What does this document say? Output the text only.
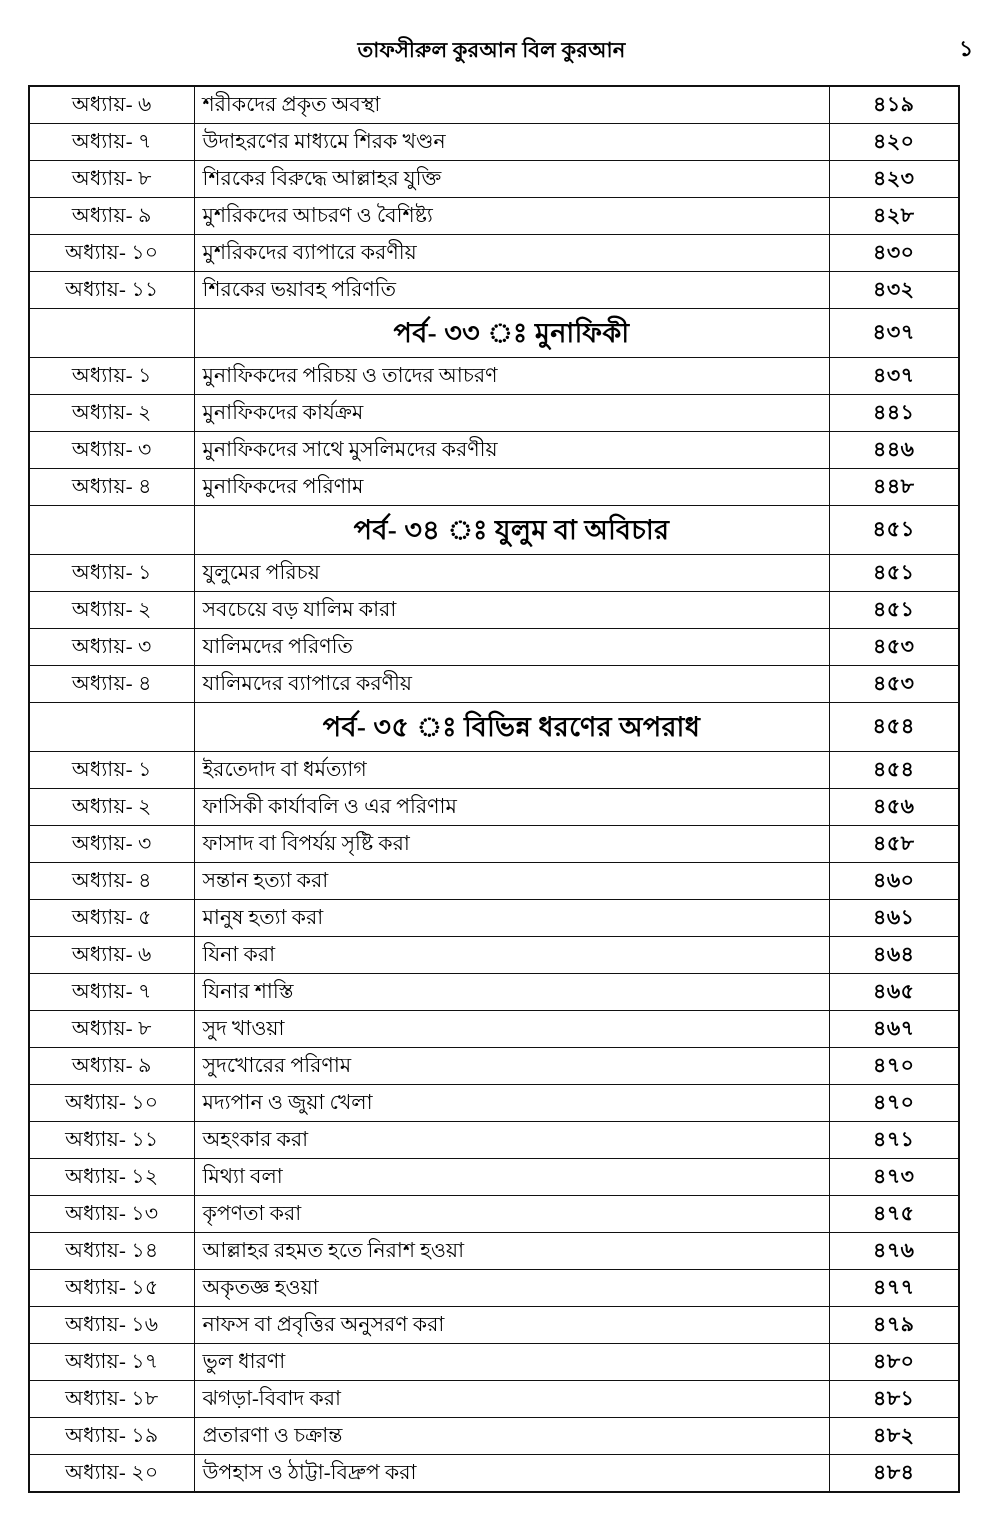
তাফসীরুল কুরআন বিল কুরআন	১
অধ্যায়- ৬	শরীকদের প্রকৃত অবস্থা	৪১৯
অধ্যায়- ৭	উদাহরণের মাধ্যমে শিরক খণ্ডন	৪২০
অধ্যায়- ৮	শিরকের বিরুদ্ধে আল্লাহর যুক্তি	৪২৩
অধ্যায়- ৯	মুশরিকদের আচরণ ও বৈশিষ্ট্য	৪২৮
অধ্যায়- ১০	মুশরিকদের ব্যাপারে করণীয়	৪৩০
অধ্যায়- ১১	শিরকের ভয়াবহ পরিণতি	৪৩২
	পর্ব- ৩৩ ঃ মুনাফিকী	৪৩৭
অধ্যায়- ১	মুনাফিকদের পরিচয় ও তাদের আচরণ	৪৩৭
অধ্যায়- ২	মুনাফিকদের কার্যক্রম	৪৪১
অধ্যায়- ৩	মুনাফিকদের সাথে মুসলিমদের করণীয়	৪৪৬
অধ্যায়- ৪	মুনাফিকদের পরিণাম	৪৪৮
	পর্ব- ৩৪ ঃ যুলুম বা অবিচার	৪৫১
অধ্যায়- ১	যুলুমের পরিচয়	৪৫১
অধ্যায়- ২	সবচেয়ে বড় যালিম কারা	৪৫১
অধ্যায়- ৩	যালিমদের পরিণতি	৪৫৩
অধ্যায়- ৪	যালিমদের ব্যাপারে করণীয়	৪৫৩
	পর্ব- ৩৫ ঃ বিভিন্ন ধরণের অপরাধ	৪৫৪
অধ্যায়- ১	ইরতেদাদ বা ধর্মত্যাগ	৪৫৪
অধ্যায়- ২	ফাসিকী কার্যাবলি ও এর পরিণাম	৪৫৬
অধ্যায়- ৩	ফাসাদ বা বিপর্যয় সৃষ্টি করা	৪৫৮
অধ্যায়- ৪	সন্তান হত্যা করা	৪৬০
অধ্যায়- ৫	মানুষ হত্যা করা	৪৬১
অধ্যায়- ৬	যিনা করা	৪৬৪
অধ্যায়- ৭	যিনার শাস্তি	৪৬৫
অধ্যায়- ৮	সুদ খাওয়া	৪৬৭
অধ্যায়- ৯	সুদখোরের পরিণাম	৪৭০
অধ্যায়- ১০	মদ্যপান ও জুয়া খেলা	৪৭০
অধ্যায়- ১১	অহংকার করা	৪৭১
অধ্যায়- ১২	মিথ্যা বলা	৪৭৩
অধ্যায়- ১৩	কৃপণতা করা	৪৭৫
অধ্যায়- ১৪	আল্লাহর রহমত হতে নিরাশ হওয়া	৪৭৬
অধ্যায়- ১৫	অকৃতজ্ঞ হওয়া	৪৭৭
অধ্যায়- ১৬	নাফস বা প্রবৃত্তির অনুসরণ করা	৪৭৯
অধ্যায়- ১৭	ভুল ধারণা	৪৮০
অধ্যায়- ১৮	ঝগড়া-বিবাদ করা	৪৮১
অধ্যায়- ১৯	প্রতারণা ও চক্রান্ত	৪৮২
অধ্যায়- ২০	উপহাস ও ঠাট্টা-বিদ্রুপ করা	৪৮৪
